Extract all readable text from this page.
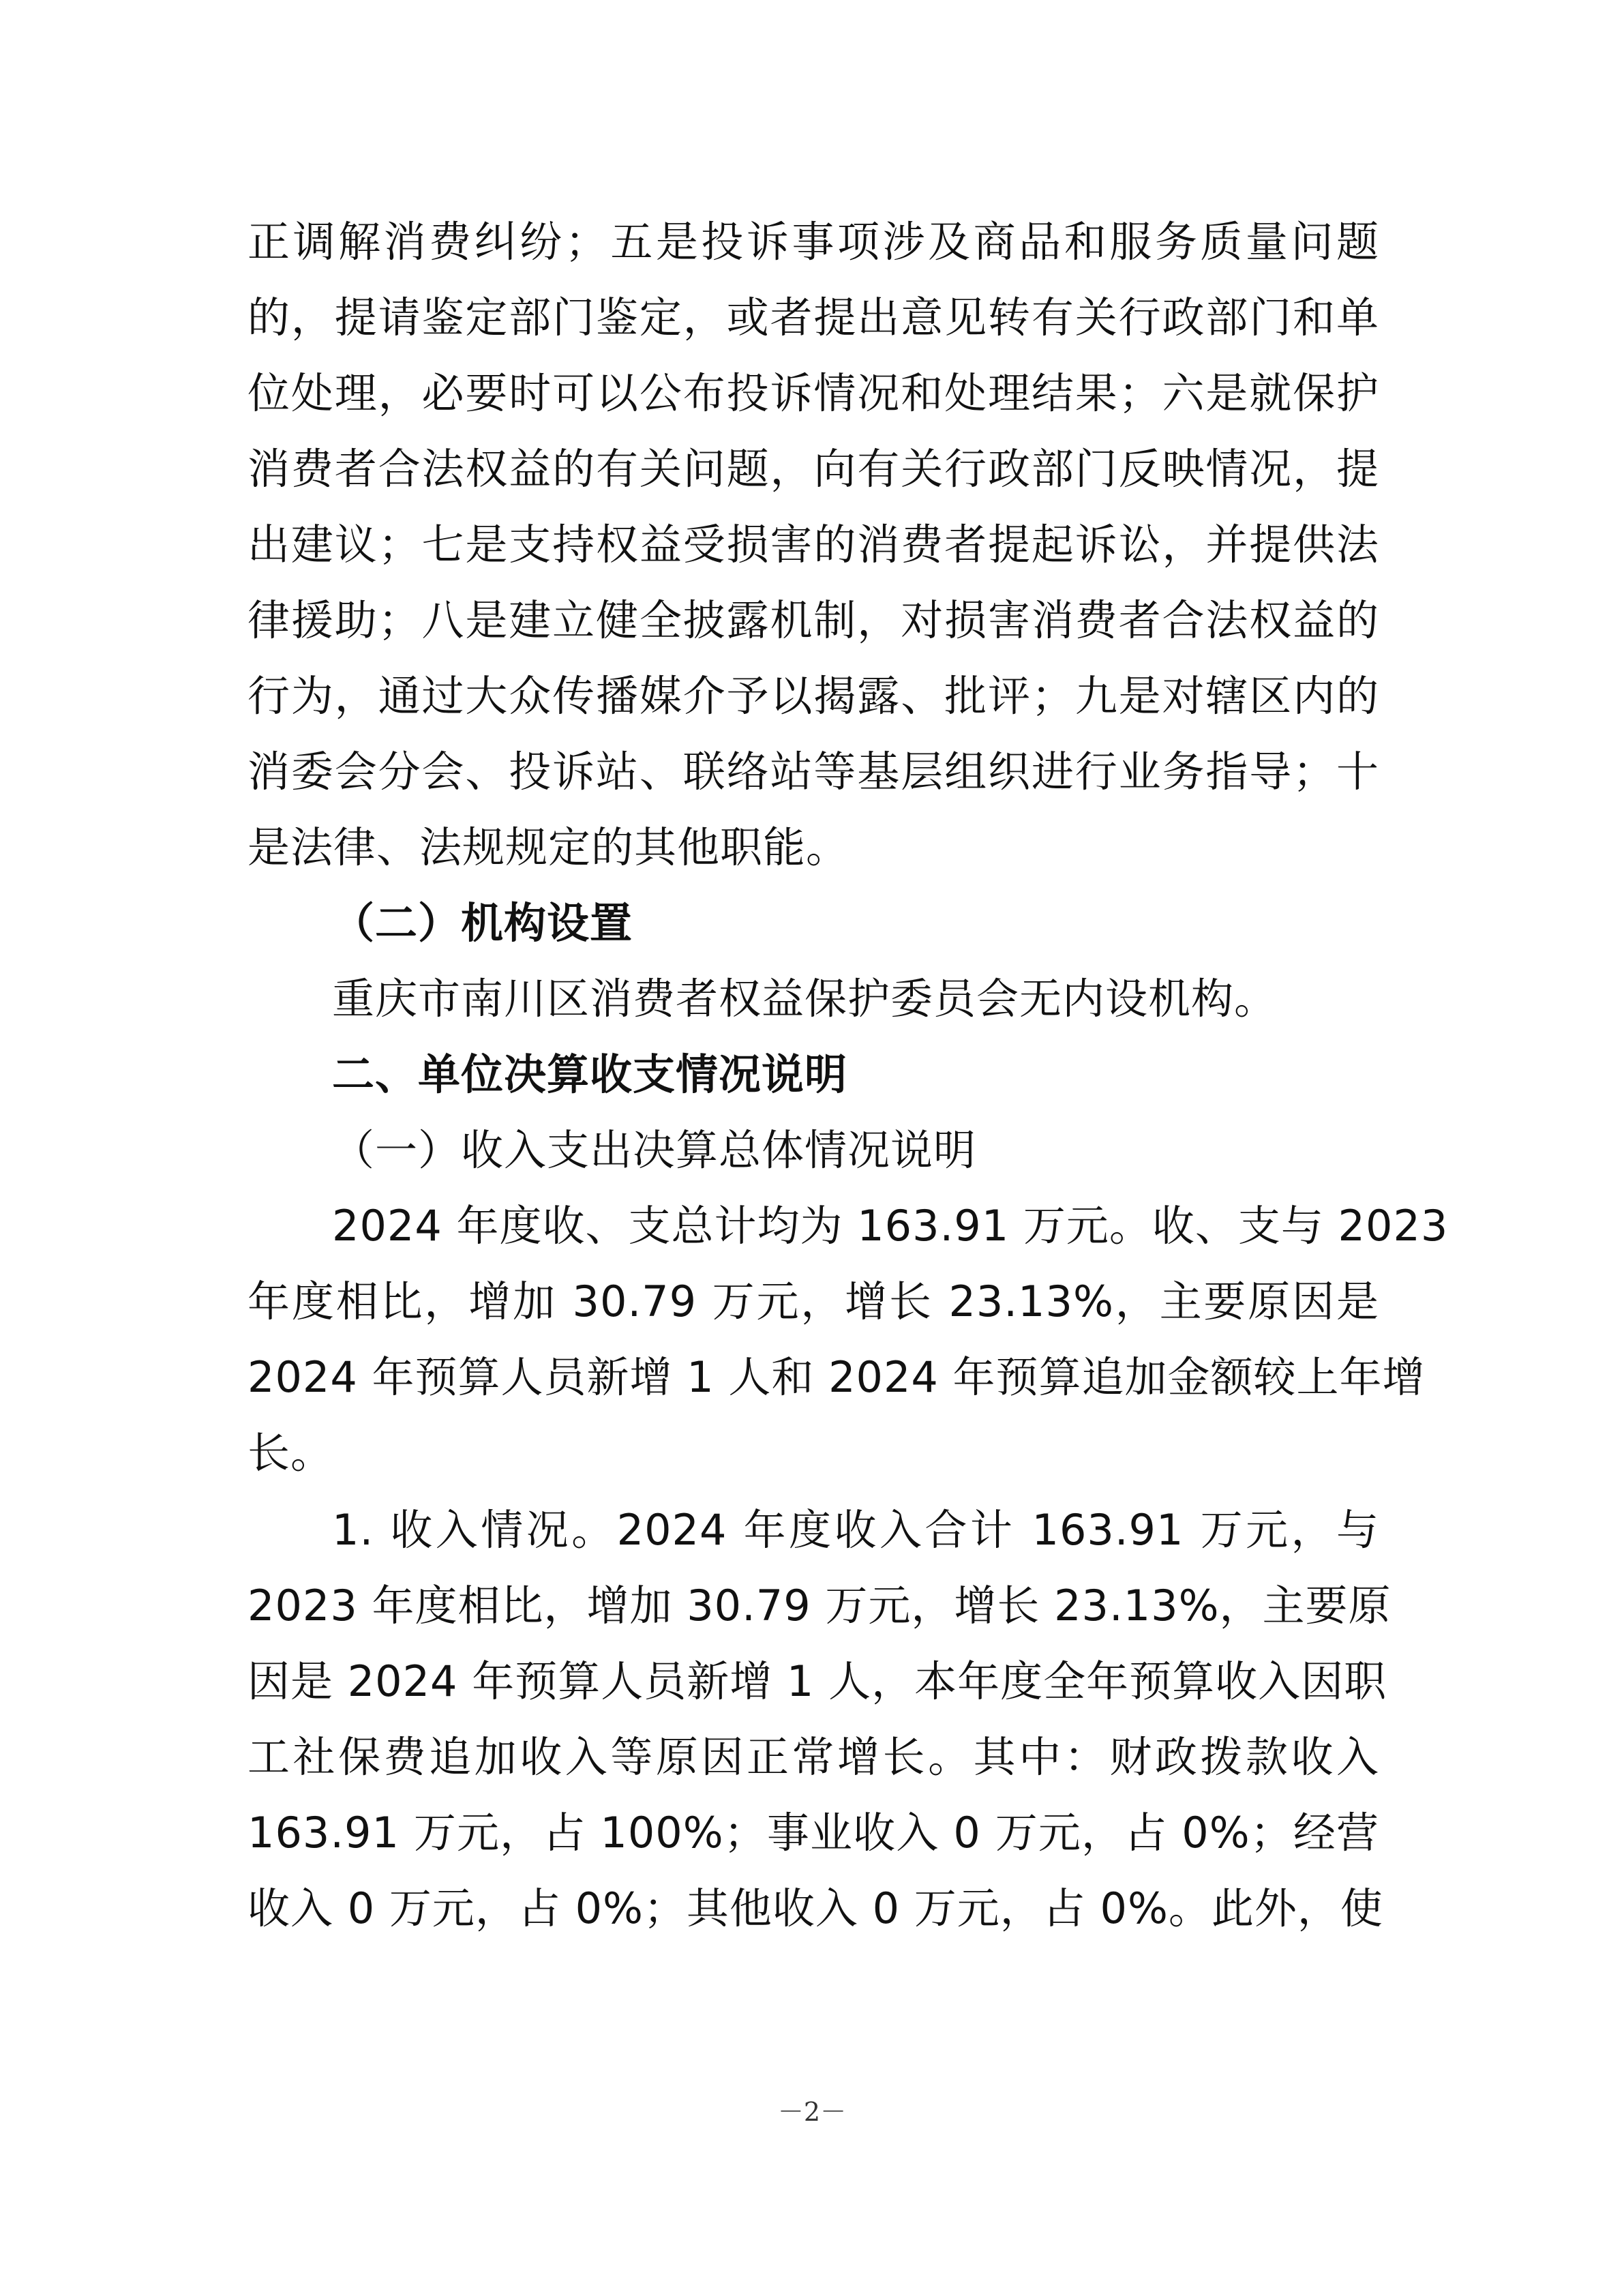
正调解消费纠纷；五是投诉事项涉及商品和服务质量问题
的，提请鉴定部门鉴定，或者提出意见转有关行政部门和单
位处理，必要时可以公布投诉情况和处理结果；六是就保护
消费者合法权益的有关问题，向有关行政部门反映情况，提
出建议；七是支持权益受损害的消费者提起诉讼，并提供法
律援助；八是建立健全披露机制，对损害消费者合法权益的
行为，通过大众传播媒介予以揭露、批评；九是对辖区内的
消委会分会、投诉站、联络站等基层组织进行业务指导；十
是法律、法规规定的其他职能。
（二）机构设置
重庆市南川区消费者权益保护委员会无内设机构。
二、单位决算收支情况说明
（一）收入支出决算总体情况说明
2024 年度收、支总计均为 163.91 万元。收、支与 2023
年度相比，增加 30.79 万元，增长 23.13%，主要原因是
2024 年预算人员新增 1 人和 2024 年预算追加金额较上年增
长。
1. 收入情况。2024 年度收入合计 163.91 万元，与
2023 年度相比，增加 30.79 万元，增长 23.13%，主要原
因是 2024 年预算人员新增 1 人，本年度全年预算收入因职
工社保费追加收入等原因正常增长。其中：财政拨款收入
163.91 万元，占 100%；事业收入 0 万元，占 0%；经营
收入 0 万元，占 0%；其他收入 0 万元，占 0%。此外，使
－2－
